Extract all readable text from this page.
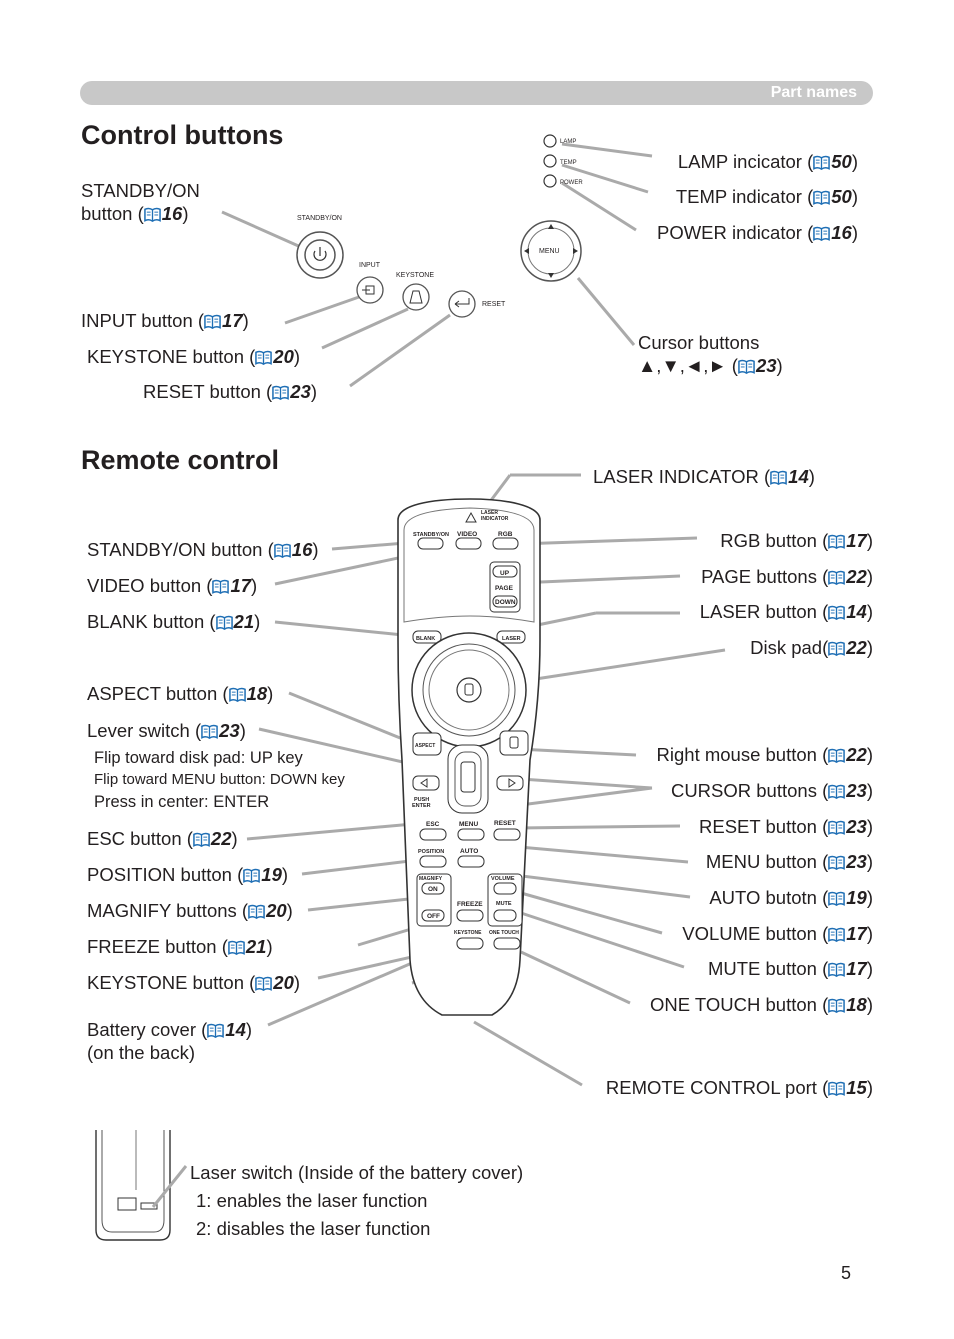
Part names
Control buttons
STANDBY/ON
INPUT
KEYSTONE
RESET
MENU
LAMP
TEMP
POWER
LASER
INDICATOR
STANDBY/ON VIDEO	RGB
UP
PAGE
DOWN
BLANK	LASER
ASPECT
PUSH
ENTER
ESC	MENU RESET
POSITION AUTO
MAGNIFY
ON
OFF
FREEZE
VOLUME
MUTE
KEYSTONE ONE TOUCH
STANDBY/ON
button ( 16)
INPUT button ( 17)
KEYSTONE button ( 20)
RESET button ( 23)
LAMP incicator ( 50)
TEMP indicator ( 50)
POWER indicator ( 16)
Cursor buttons
▲,▼,◄,► ( 23)
Remote control
STANDBY/ON button ( 16)
VIDEO button ( 17)
BLANK button ( 21)
ASPECT button ( 18)
Lever switch ( 23)
Flip toward disk pad: UP key
Flip toward MENU button: DOWN key
Press in center: ENTER
ESC button ( 22)
POSITION button ( 19)
MAGNIFY buttons ( 20)
FREEZE button ( 21)
KEYSTONE button ( 20)
Battery cover ( 14)
(on the back)
LASER INDICATOR ( 14)
RGB button ( 17)
PAGE buttons ( 22)
LASER button ( 14)
Disk pad( 22)
Right mouse button ( 22)
CURSOR buttons ( 23)
RESET button ( 23)
MENU button ( 23)
AUTO butotn ( 19)
VOLUME button ( 17)
MUTE button ( 17)
ONE TOUCH button ( 18)
REMOTE CONTROL port ( 15)
Laser switch (Inside of the battery cover)
1: enables the laser function
2: disables the laser function
5
